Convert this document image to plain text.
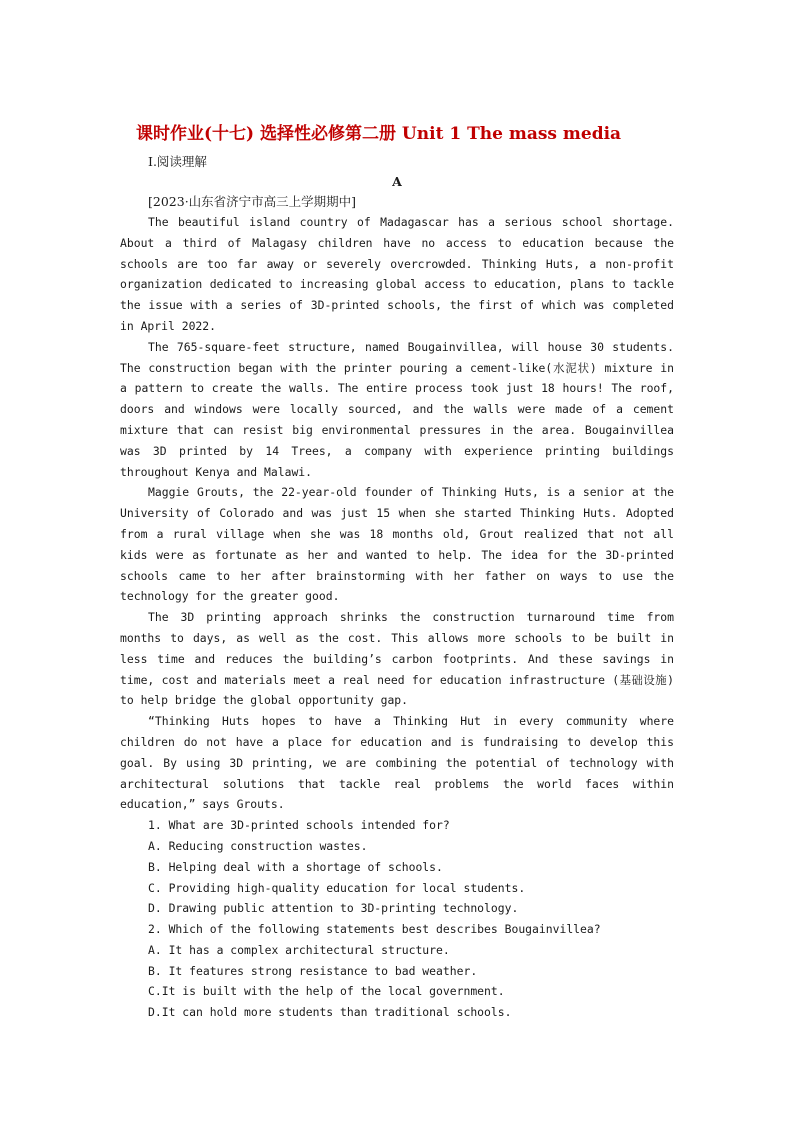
课时作业(十七) 选择性必修第二册 Unit 1 The mass media
Ⅰ.阅读理解
A
[2023·山东省济宁市高三上学期期中]

The beautiful island country of Madagascar has a serious school shortage. About a third of Malagasy children have no access to education because the schools are too far away or severely overcrowded. Thinking Huts, a non-profit organization dedicated to increasing global access to education, plans to tackle the issue with a series of 3D-printed schools, the first of which was completed in April 2022.

The 765-square-feet structure, named Bougainvillea, will house 30 students. The construction began with the printer pouring a cement-like(水泥状) mixture in a pattern to create the walls. The entire process took just 18 hours! The roof, doors and windows were locally sourced, and the walls were made of a cement mixture that can resist big environmental pressures in the area. Bougainvillea was 3D printed by 14 Trees, a company with experience printing buildings throughout Kenya and Malawi.

Maggie Grouts, the 22-year-old founder of Thinking Huts, is a senior at the University of Colorado and was just 15 when she started Thinking Huts. Adopted from a rural village when she was 18 months old, Grout realized that not all kids were as fortunate as her and wanted to help. The idea for the 3D-printed schools came to her after brainstorming with her father on ways to use the technology for the greater good.

The 3D printing approach shrinks the construction turnaround time from months to days, as well as the cost. This allows more schools to be built in less time and reduces the building’s carbon footprints. And these savings in time, cost and materials meet a real need for education infrastructure (基础设施) to help bridge the global opportunity gap.

“Thinking Huts hopes to have a Thinking Hut in every community where children do not have a place for education and is fundraising to develop this goal. By using 3D printing, we are combining the potential of technology with architectural solutions that tackle real problems the world faces within education,” says Grouts.

1. What are 3D-printed schools intended for?
A. Reducing construction wastes.
B. Helping deal with a shortage of schools.
C. Providing high-quality education for local students.
D. Drawing public attention to 3D-printing technology.
2. Which of the following statements best describes Bougainvillea?
A. It has a complex architectural structure.
B. It features strong resistance to bad weather.
C.It is built with the help of the local government.
D.It can hold more students than traditional schools.
